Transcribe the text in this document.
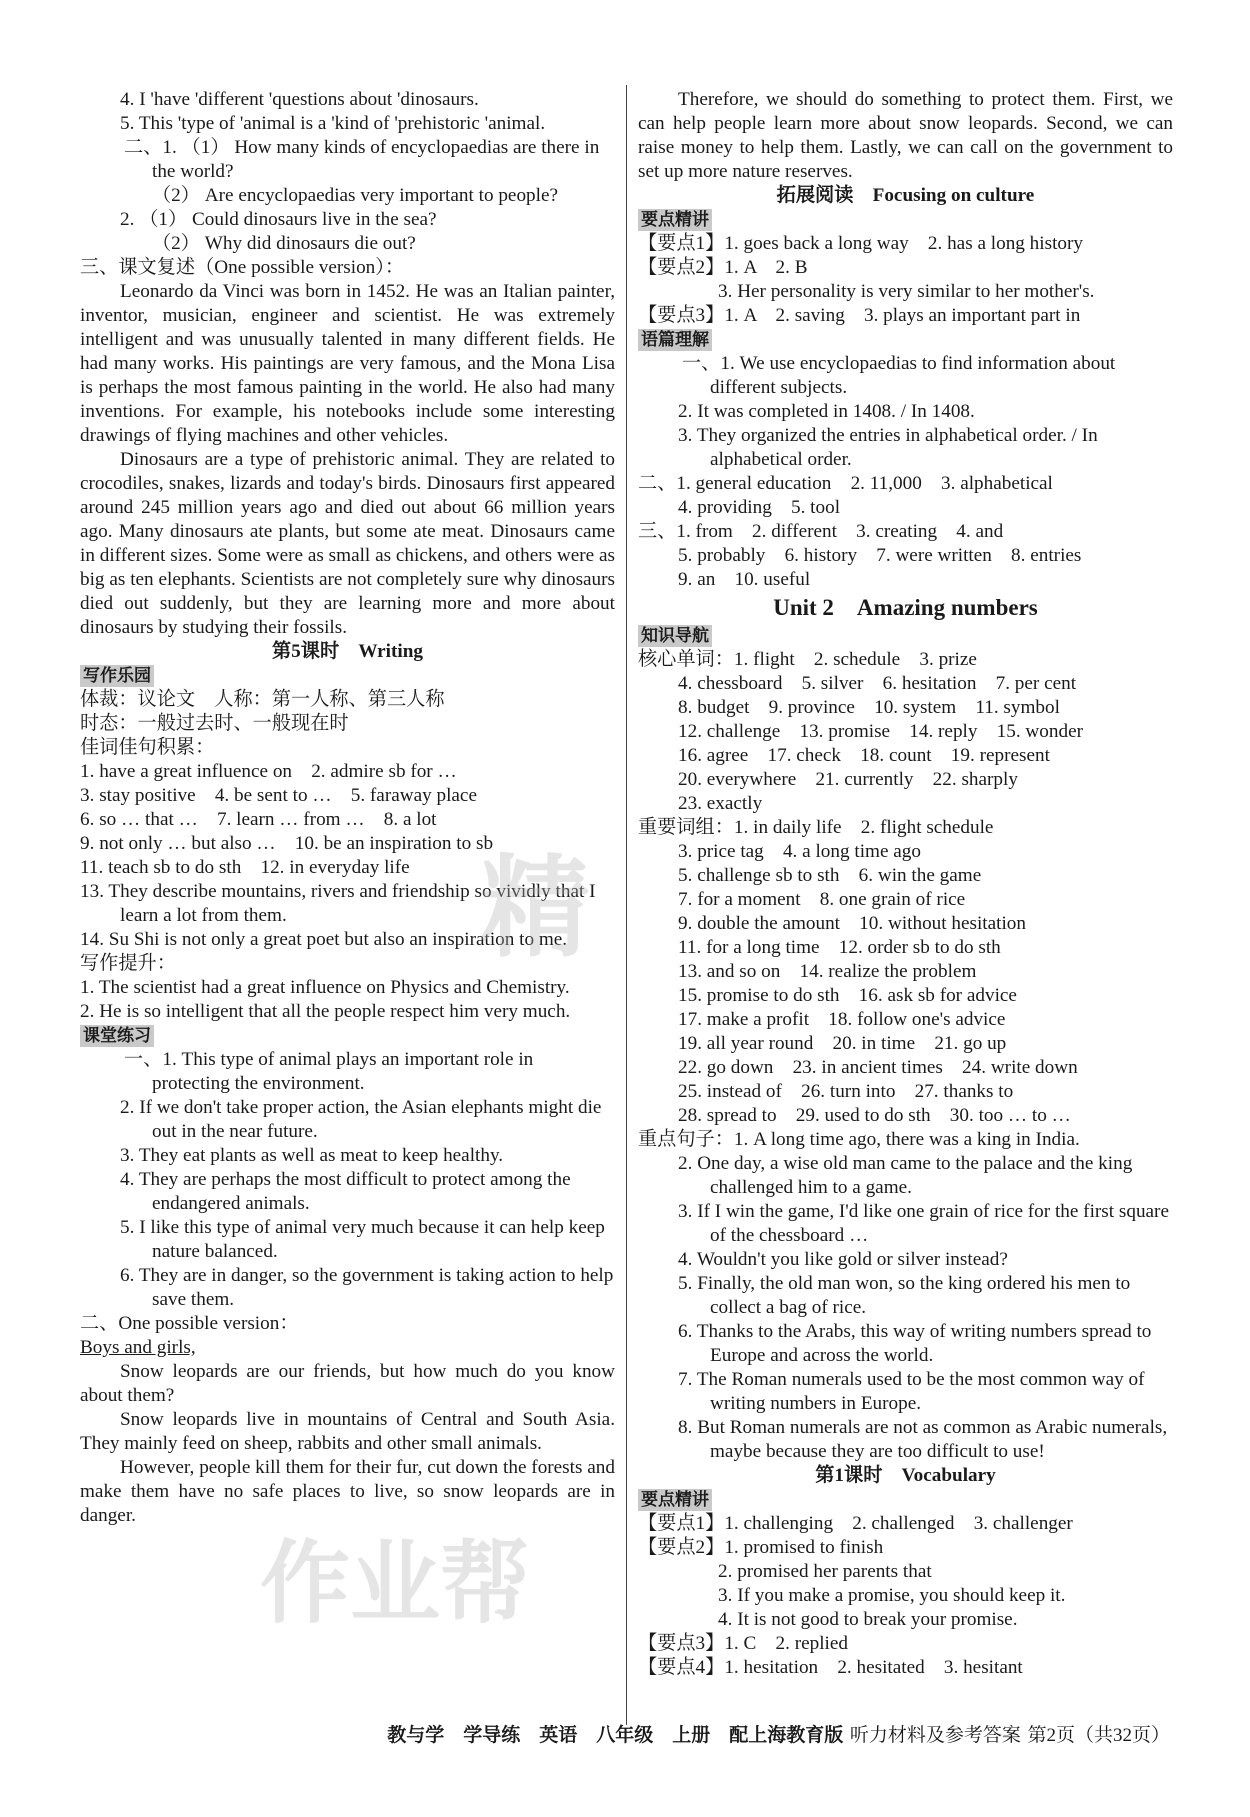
4. I 'have 'different 'questions about 'dinosaurs.
5. This 'type of 'animal is a 'kind of 'prehistoric 'animal.
二、1. （1） How many kinds of encyclopaedias are there in the world?
（2） Are encyclopaedias very important to people?
2. （1） Could dinosaurs live in the sea?
（2） Why did dinosaurs die out?
三、课文复述（One possible version）：
Leonardo da Vinci was born in 1452. He was an Italian painter, inventor, musician, engineer and scientist. He was extremely intelligent and was unusually talented in many different fields. He had many works. His paintings are very famous, and the Mona Lisa is perhaps the most famous painting in the world. He also had many inventions. For example, his notebooks include some interesting drawings of flying machines and other vehicles.
Dinosaurs are a type of prehistoric animal. They are related to crocodiles, snakes, lizards and today's birds. Dinosaurs first appeared around 245 million years ago and died out about 66 million years ago. Many dinosaurs ate plants, but some ate meat. Dinosaurs came in different sizes. Some were as small as chickens, and others were as big as ten elephants. Scientists are not completely sure why dinosaurs died out suddenly, but they are learning more and more about dinosaurs by studying their fossils.
第5课时　Writing
写作乐园
体裁：议论文　人称：第一人称、第三人称
时态：一般过去时、一般现在时
佳词佳句积累：
1. have a great influence on　2. admire sb for …
3. stay positive　4. be sent to …　5. faraway place
6. so … that …　7. learn … from …　8. a lot
9. not only … but also …　10. be an inspiration to sb
11. teach sb to do sth　12. in everyday life
13. They describe mountains, rivers and friendship so vividly that I learn a lot from them.
14. Su Shi is not only a great poet but also an inspiration to me.
写作提升：
1. The scientist had a great influence on Physics and Chemistry.
2. He is so intelligent that all the people respect him very much.
课堂练习
一、1. This type of animal plays an important role in protecting the environment.
2. If we don't take proper action, the Asian elephants might die out in the near future.
3. They eat plants as well as meat to keep healthy.
4. They are perhaps the most difficult to protect among the endangered animals.
5. I like this type of animal very much because it can help keep nature balanced.
6. They are in danger, so the government is taking action to help save them.
二、One possible version：
Boys and girls,
Snow leopards are our friends, but how much do you know about them?
Snow leopards live in mountains of Central and South Asia. They mainly feed on sheep, rabbits and other small animals.
However, people kill them for their fur, cut down the forests and make them have no safe places to live, so snow leopards are in danger.
Therefore, we should do something to protect them. First, we can help people learn more about snow leopards. Second, we can raise money to help them. Lastly, we can call on the government to set up more nature reserves.
拓展阅读　Focusing on culture
要点精讲
【要点1】1. goes back a long way　2. has a long history
【要点2】1. A　2. B
3. Her personality is very similar to her mother's.
【要点3】1. A　2. saving　3. plays an important part in
语篇理解
一、1. We use encyclopaedias to find information about different subjects.
2. It was completed in 1408. / In 1408.
3. They organized the entries in alphabetical order. / In alphabetical order.
二、1. general education　2. 11,000　3. alphabetical
4. providing　5. tool
三、1. from　2. different　3. creating　4. and
5. probably　6. history　7. were written　8. entries
9. an　10. useful
Unit 2　Amazing numbers
知识导航
核心单词：1. flight　2. schedule　3. prize
4. chessboard　5. silver　6. hesitation　7. per cent
8. budget　9. province　10. system　11. symbol
12. challenge　13. promise　14. reply　15. wonder
16. agree　17. check　18. count　19. represent
20. everywhere　21. currently　22. sharply
23. exactly
重要词组：1. in daily life　2. flight schedule
3. price tag　4. a long time ago
5. challenge sb to sth　6. win the game
7. for a moment　8. one grain of rice
9. double the amount　10. without hesitation
11. for a long time　12. order sb to do sth
13. and so on　14. realize the problem
15. promise to do sth　16. ask sb for advice
17. make a profit　18. follow one's advice
19. all year round　20. in time　21. go up
22. go down　23. in ancient times　24. write down
25. instead of　26. turn into　27. thanks to
28. spread to　29. used to do sth　30. too … to …
重点句子：1. A long time ago, there was a king in India.
2. One day, a wise old man came to the palace and the king challenged him to a game.
3. If I win the game, I'd like one grain of rice for the first square of the chessboard …
4. Wouldn't you like gold or silver instead?
5. Finally, the old man won, so the king ordered his men to collect a bag of rice.
6. Thanks to the Arabs, this way of writing numbers spread to Europe and across the world.
7. The Roman numerals used to be the most common way of writing numbers in Europe.
8. But Roman numerals are not as common as Arabic numerals, maybe because they are too difficult to use!
第1课时　Vocabulary
要点精讲
【要点1】1. challenging　2. challenged　3. challenger
【要点2】1. promised to finish
2. promised her parents that
3. If you make a promise, you should keep it.
4. It is not good to break your promise.
【要点3】1. C　2. replied
【要点4】1. hesitation　2. hesitated　3. hesitant
精
作业帮
教与学　学导练　英语　八年级　上册　配上海教育版 听力材料及参考答案 第2页（共32页）
